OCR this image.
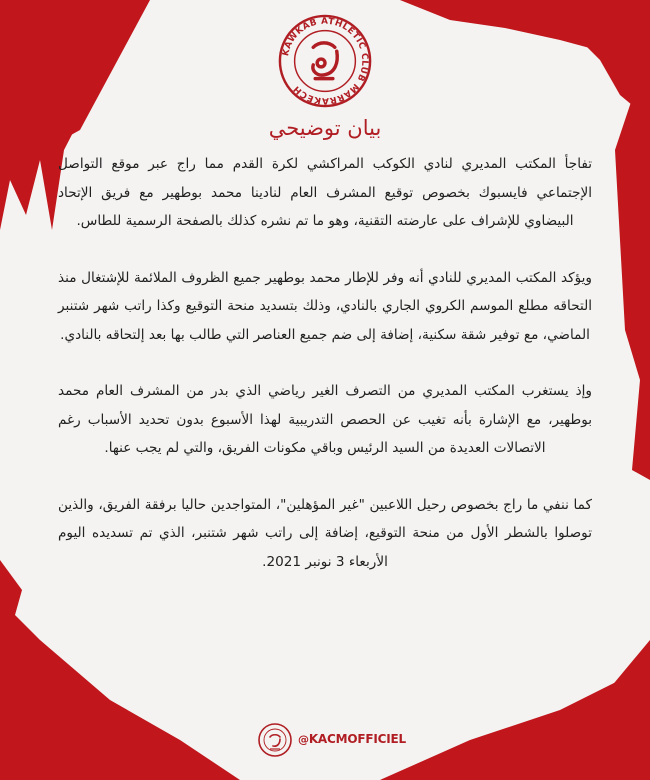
KAWKAB ATHLÉTIC CLUB MARRAKECH
بيان توضيحي

تفاجأ المكتب المديري لنادي الكوكب المراكشي لكرة القدم مما راج عبر موقع التواصل الإجتماعي فايسبوك بخصوص توقيع المشرف العام لنادينا محمد بوطهير مع فريق الإتحاد البيضاوي للإشراف على عارضته التقنية، وهو ما تم نشره كذلك بالصفحة الرسمية للطاس.

ويؤكد المكتب المديري للنادي أنه وفر للإطار محمد بوطهير جميع الظروف الملائمة للإشتغال منذ التحاقه مطلع الموسم الكروي الجاري بالنادي، وذلك بتسديد منحة التوقيع وكذا راتب شهر شتنبر الماضي، مع توفير شقة سكنية، إضافة إلى ضم جميع العناصر التي طالب بها بعد إلتحاقه بالنادي.

وإذ يستغرب المكتب المديري من التصرف الغير رياضي الذي بدر من المشرف العام محمد بوطهير، مع الإشارة بأنه تغيب عن الحصص التدريبية لهذا الأسبوع بدون تحديد الأسباب رغم الاتصالات العديدة من السيد الرئيس وباقي مكونات الفريق، والتي لم يجب عنها.

كما ننفي ما راج بخصوص رحيل اللاعبين "غير المؤهلين"، المتواجدين حاليا برفقة الفريق، والذين توصلوا بالشطر الأول من منحة التوقيع، إضافة إلى راتب شهر شتنبر، الذي تم تسديده اليوم الأربعاء 3 نونبر 2021.

@KACMOFFICIEL
